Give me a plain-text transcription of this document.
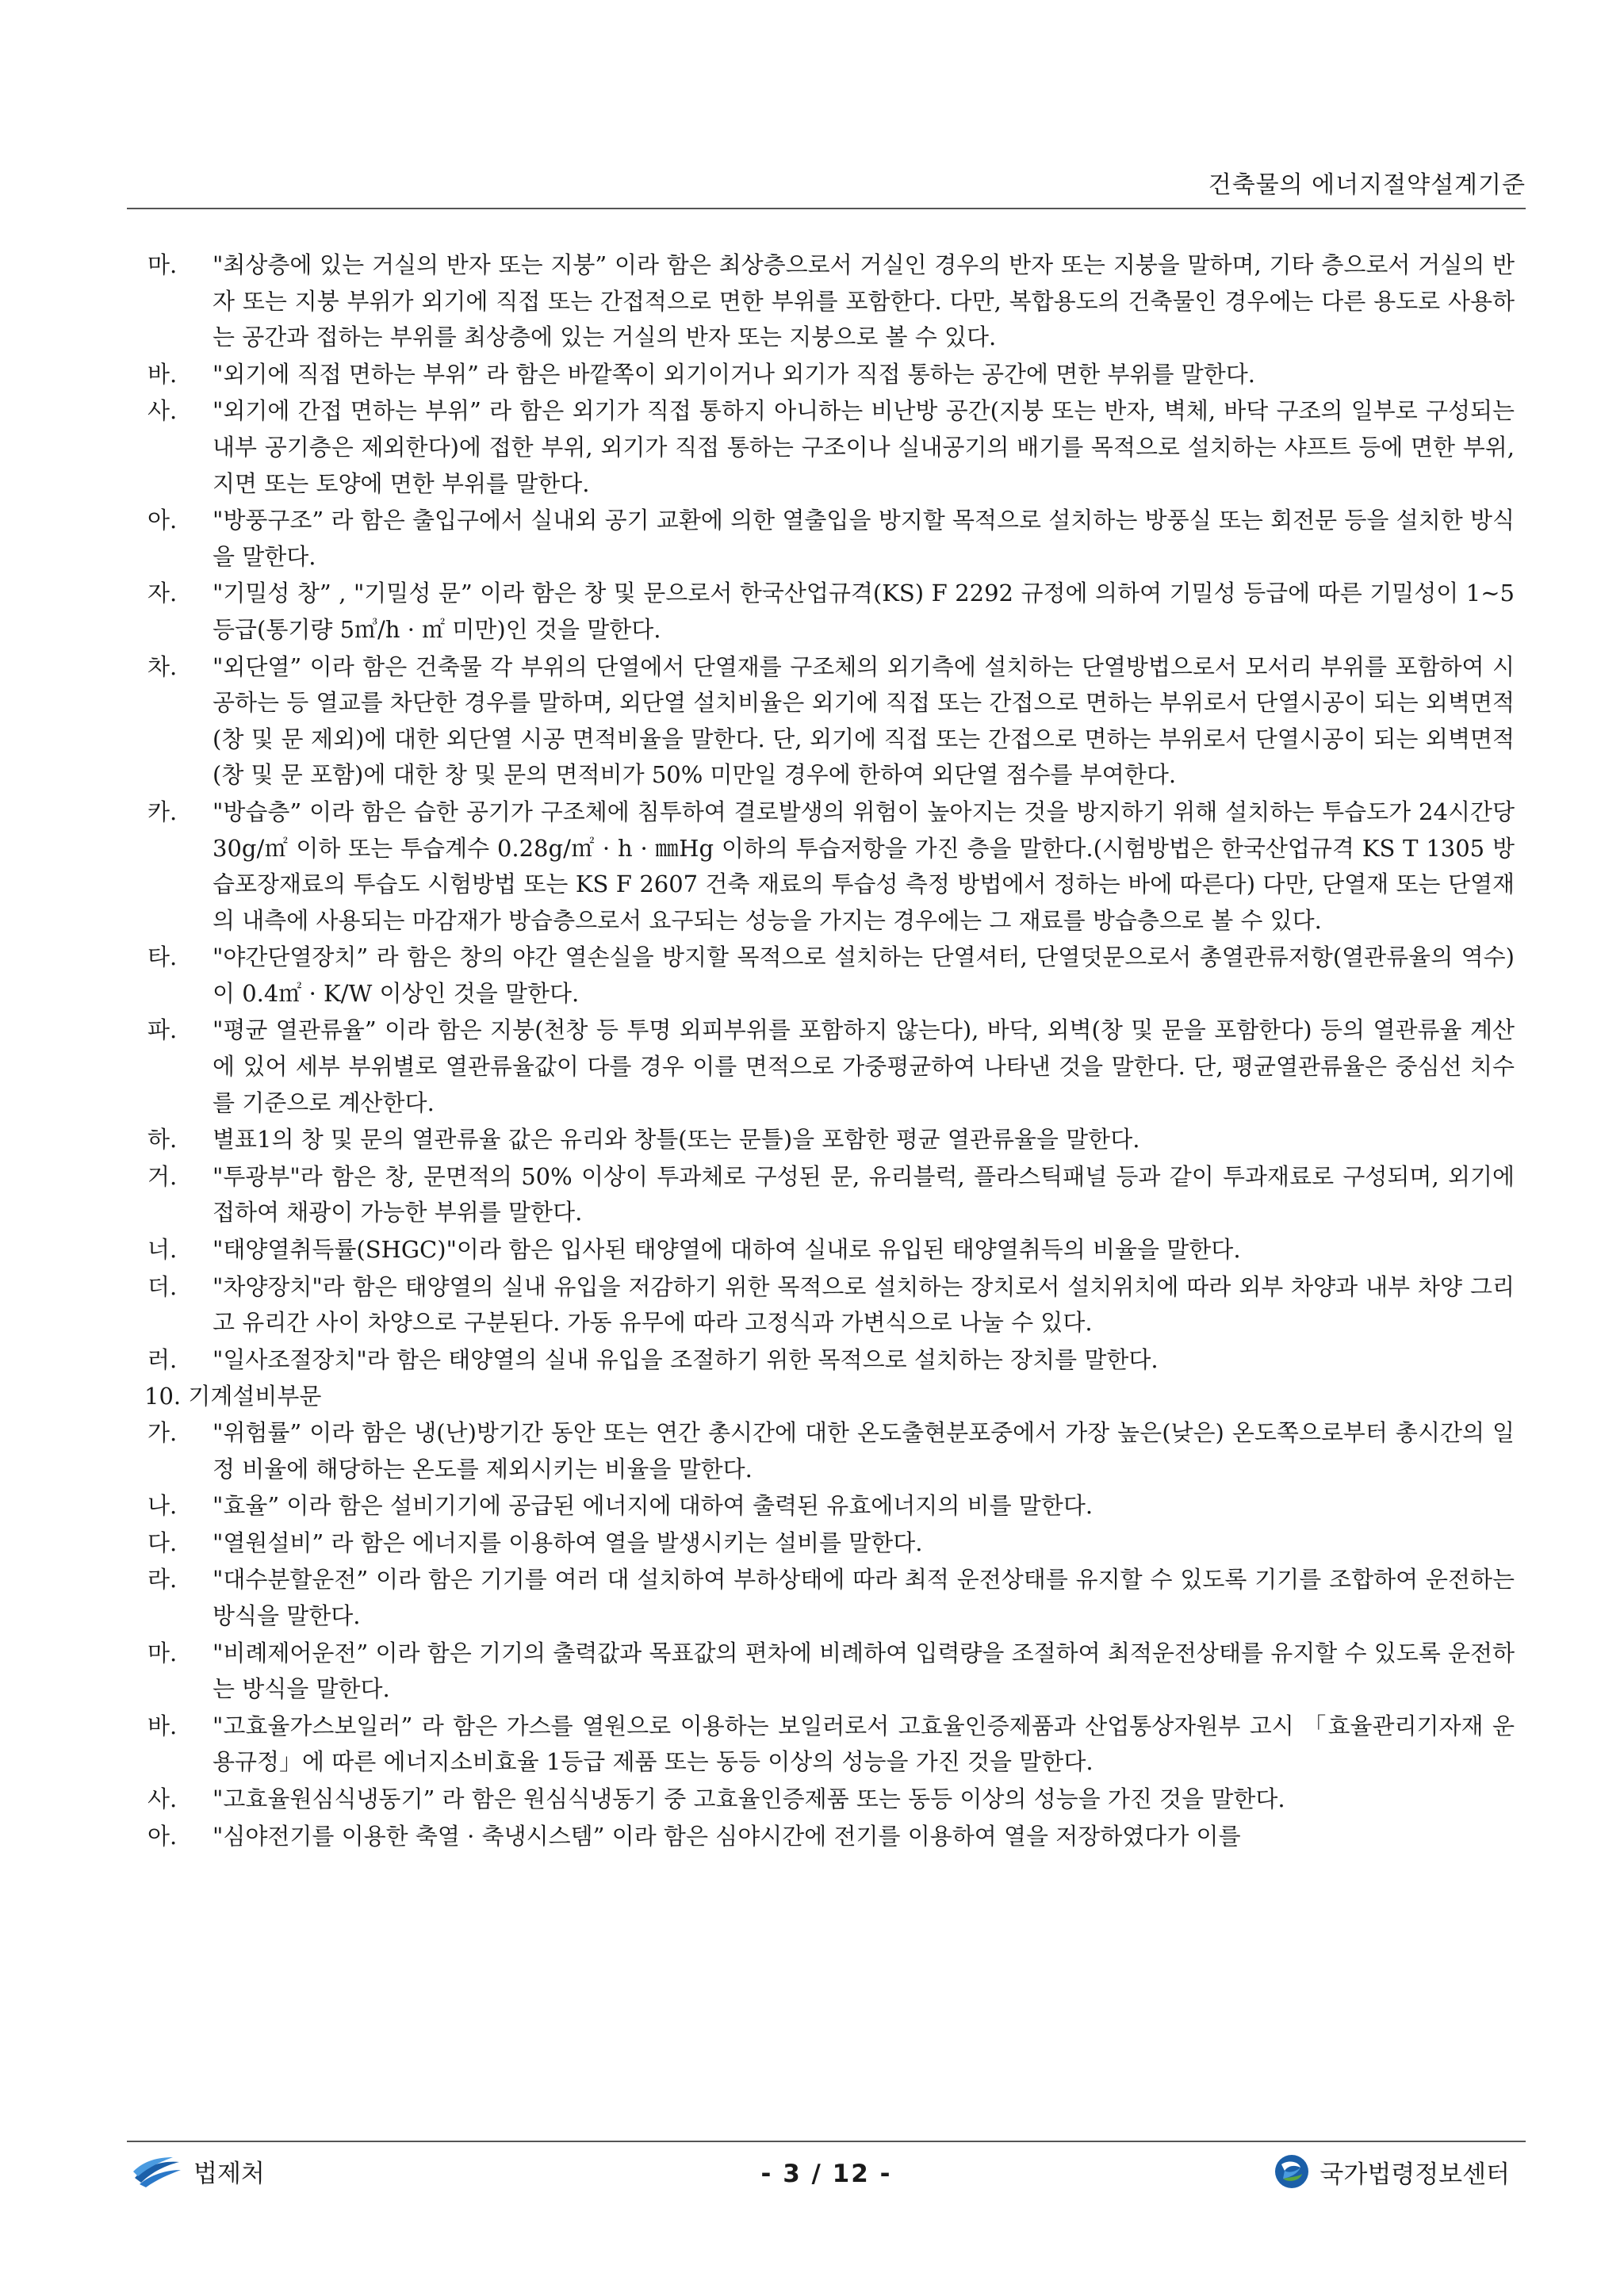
건축물의 에너지절약설계기준
마. "최상층에 있는 거실의 반자 또는 지붕” 이라 함은 최상층으로서 거실인 경우의 반자 또는 지붕을 말하며, 기타 층으로서 거실의 반자 또는 지붕 부위가 외기에 직접 또는 간접적으로 면한 부위를 포함한다. 다만, 복합용도의 건축물인 경우에는 다른 용도로 사용하는 공간과 접하는 부위를 최상층에 있는 거실의 반자 또는 지붕으로 볼 수 있다.
바. "외기에 직접 면하는 부위” 라 함은 바깥쪽이 외기이거나 외기가 직접 통하는 공간에 면한 부위를 말한다.
사. "외기에 간접 면하는 부위” 라 함은 외기가 직접 통하지 아니하는 비난방 공간(지붕 또는 반자, 벽체, 바닥 구조의 일부로 구성되는 내부 공기층은 제외한다)에 접한 부위, 외기가 직접 통하는 구조이나 실내공기의 배기를 목적으로 설치하는 샤프트 등에 면한 부위, 지면 또는 토양에 면한 부위를 말한다.
아. "방풍구조” 라 함은 출입구에서 실내외 공기 교환에 의한 열출입을 방지할 목적으로 설치하는 방풍실 또는 회전문 등을 설치한 방식을 말한다.
자. "기밀성 창” , "기밀성 문” 이라 함은 창 및 문으로서 한국산업규격(KS) F 2292 규정에 의하여 기밀성 등급에 따른 기밀성이 1~5등급(통기량 5㎥/h · ㎡ 미만)인 것을 말한다.
차. "외단열” 이라 함은 건축물 각 부위의 단열에서 단열재를 구조체의 외기측에 설치하는 단열방법으로서 모서리 부위를 포함하여 시공하는 등 열교를 차단한 경우를 말하며, 외단열 설치비율은 외기에 직접 또는 간접으로 면하는 부위로서 단열시공이 되는 외벽면적(창 및 문 제외)에 대한 외단열 시공 면적비율을 말한다. 단, 외기에 직접 또는 간접으로 면하는 부위로서 단열시공이 되는 외벽면적(창 및 문 포함)에 대한 창 및 문의 면적비가 50% 미만일 경우에 한하여 외단열 점수를 부여한다.
카. "방습층” 이라 함은 습한 공기가 구조체에 침투하여 결로발생의 위험이 높아지는 것을 방지하기 위해 설치하는 투습도가 24시간당 30g/㎡ 이하 또는 투습계수 0.28g/㎡ · h · ㎜Hg 이하의 투습저항을 가진 층을 말한다.(시험방법은 한국산업규격 KS T 1305 방습포장재료의 투습도 시험방법 또는 KS F 2607 건축 재료의 투습성 측정 방법에서 정하는 바에 따른다) 다만, 단열재 또는 단열재의 내측에 사용되는 마감재가 방습층으로서 요구되는 성능을 가지는 경우에는 그 재료를 방습층으로 볼 수 있다.
타. "야간단열장치” 라 함은 창의 야간 열손실을 방지할 목적으로 설치하는 단열셔터, 단열덧문으로서 총열관류저항(열관류율의 역수)이 0.4㎡ · K/W 이상인 것을 말한다.
파. "평균 열관류율” 이라 함은 지붕(천창 등 투명 외피부위를 포함하지 않는다), 바닥, 외벽(창 및 문을 포함한다) 등의 열관류율 계산에 있어 세부 부위별로 열관류율값이 다를 경우 이를 면적으로 가중평균하여 나타낸 것을 말한다. 단, 평균열관류율은 중심선 치수를 기준으로 계산한다.
하. 별표1의 창 및 문의 열관류율 값은 유리와 창틀(또는 문틀)을 포함한 평균 열관류율을 말한다.
거. "투광부"라 함은 창, 문면적의 50% 이상이 투과체로 구성된 문, 유리블럭, 플라스틱패널 등과 같이 투과재료로 구성되며, 외기에 접하여 채광이 가능한 부위를 말한다.
너. "태양열취득률(SHGC)"이라 함은 입사된 태양열에 대하여 실내로 유입된 태양열취득의 비율을 말한다.
더. "차양장치"라 함은 태양열의 실내 유입을 저감하기 위한 목적으로 설치하는 장치로서 설치위치에 따라 외부 차양과 내부 차양 그리고 유리간 사이 차양으로 구분된다. 가동 유무에 따라 고정식과 가변식으로 나눌 수 있다.
러. "일사조절장치"라 함은 태양열의 실내 유입을 조절하기 위한 목적으로 설치하는 장치를 말한다.
10. 기계설비부문
가. "위험률” 이라 함은 냉(난)방기간 동안 또는 연간 총시간에 대한 온도출현분포중에서 가장 높은(낮은) 온도쪽으로부터 총시간의 일정 비율에 해당하는 온도를 제외시키는 비율을 말한다.
나. "효율” 이라 함은 설비기기에 공급된 에너지에 대하여 출력된 유효에너지의 비를 말한다.
다. "열원설비” 라 함은 에너지를 이용하여 열을 발생시키는 설비를 말한다.
라. "대수분할운전” 이라 함은 기기를 여러 대 설치하여 부하상태에 따라 최적 운전상태를 유지할 수 있도록 기기를 조합하여 운전하는 방식을 말한다.
마. "비례제어운전” 이라 함은 기기의 출력값과 목표값의 편차에 비례하여 입력량을 조절하여 최적운전상태를 유지할 수 있도록 운전하는 방식을 말한다.
바. "고효율가스보일러” 라 함은 가스를 열원으로 이용하는 보일러로서 고효율인증제품과 산업통상자원부 고시 「효율관리기자재 운용규정」에 따른 에너지소비효율 1등급 제품 또는 동등 이상의 성능을 가진 것을 말한다.
사. "고효율원심식냉동기” 라 함은 원심식냉동기 중 고효율인증제품 또는 동등 이상의 성능을 가진 것을 말한다.
아. "심야전기를 이용한 축열 · 축냉시스템” 이라 함은 심야시간에 전기를 이용하여 열을 저장하였다가 이를
법제처	- 3 / 12 -	국가법령정보센터
